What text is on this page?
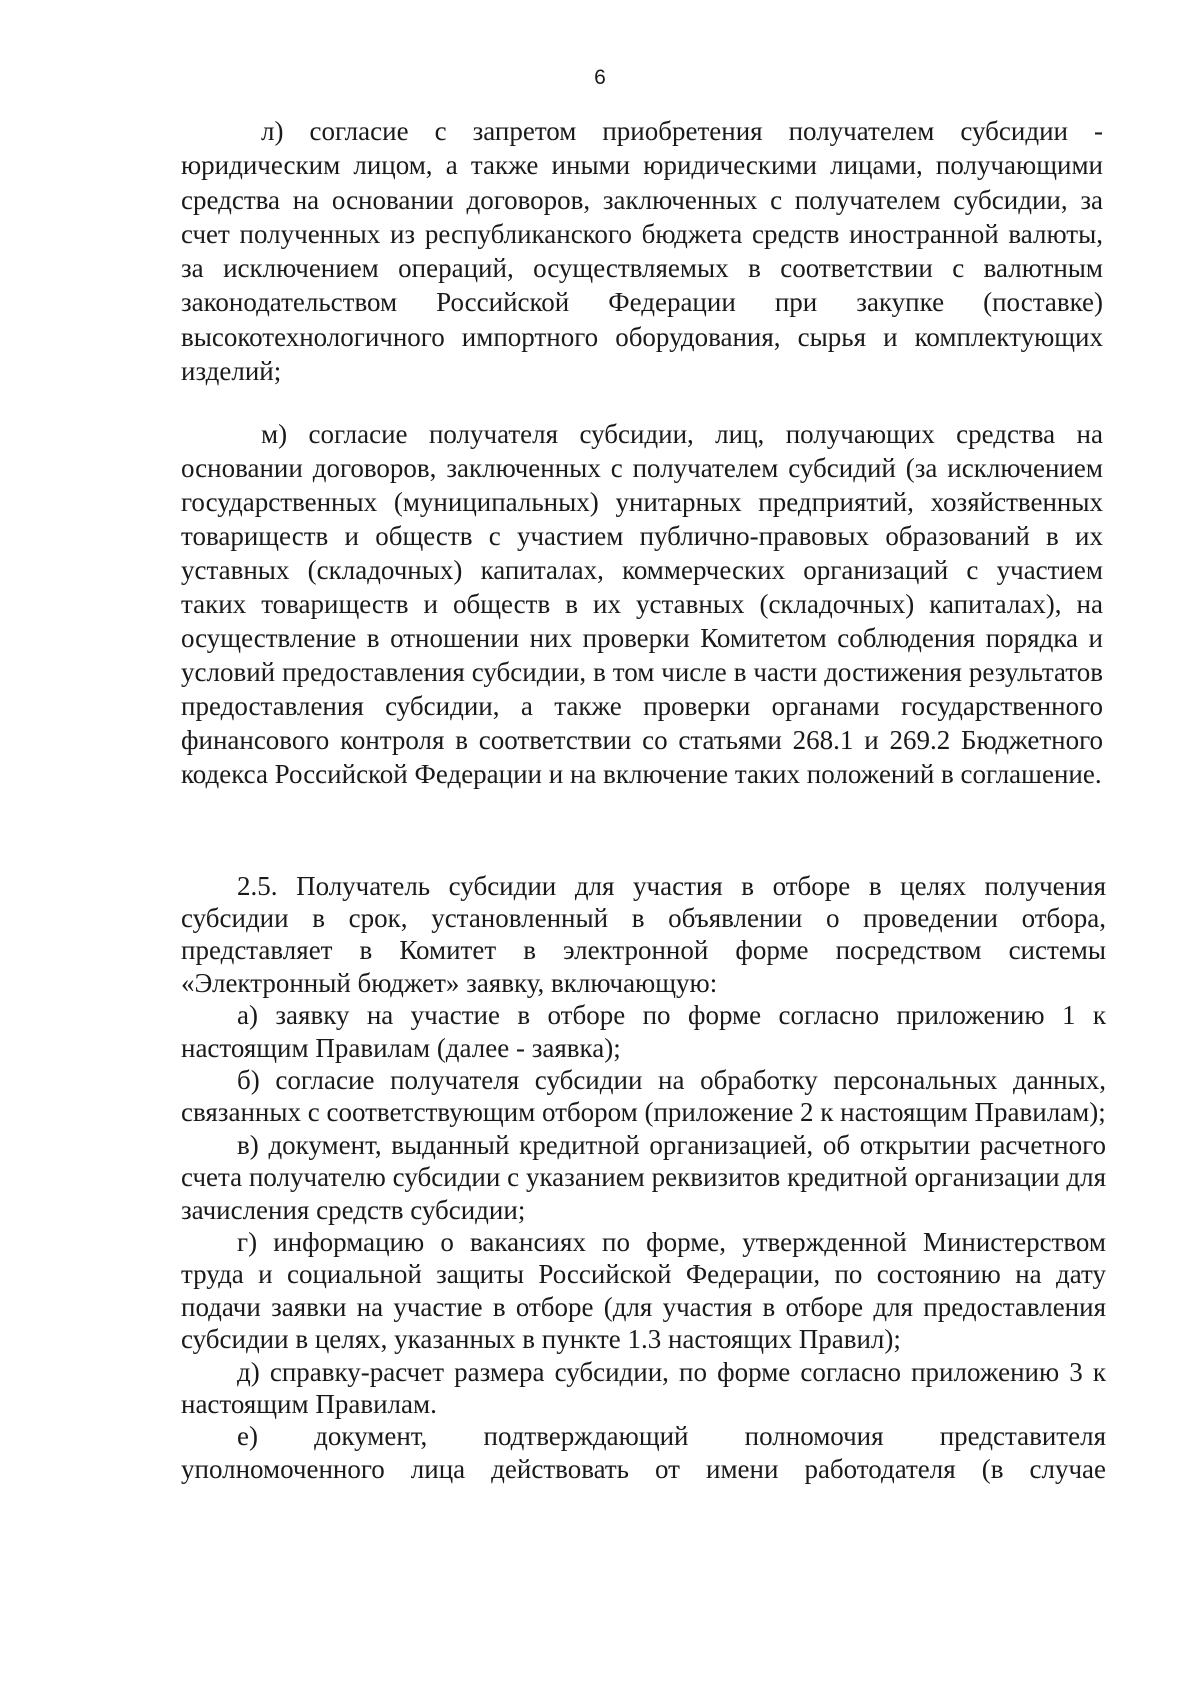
6

л) согласие с запретом приобретения получателем субсидии - юридическим лицом, а также иными юридическими лицами, получающими средства на основании договоров, заключенных с получателем субсидии, за счет полученных из республиканского бюджета средств иностранной валюты, за исключением операций, осуществляемых в соответствии с валютным законодательством Российской Федерации при закупке (поставке) высокотехнологичного импортного оборудования, сырья и комплектующих изделий;

м) согласие получателя субсидии, лиц, получающих средства на основании договоров, заключенных с получателем субсидий (за исключением государственных (муниципальных) унитарных предприятий, хозяйственных товариществ и обществ с участием публично-правовых образований в их уставных (складочных) капиталах, коммерческих организаций с участием таких товариществ и обществ в их уставных (складочных) капиталах), на осуществление в отношении них проверки Комитетом соблюдения порядка и условий предоставления субсидии, в том числе в части достижения результатов предоставления субсидии, а также проверки органами государственного финансового контроля в соответствии со статьями 268.1 и 269.2 Бюджетного кодекса Российской Федерации и на включение таких положений в соглашение.

2.5. Получатель субсидии для участия в отборе в целях получения субсидии в срок, установленный в объявлении о проведении отбора, представляет в Комитет в электронной форме посредством системы «Электронный бюджет» заявку, включающую:

а) заявку на участие в отборе по форме согласно приложению 1 к настоящим Правилам (далее - заявка);

б) согласие получателя субсидии на обработку персональных данных, связанных с соответствующим отбором (приложение 2 к настоящим Правилам);

в) документ, выданный кредитной организацией, об открытии расчетного счета получателю субсидии с указанием реквизитов кредитной организации для зачисления средств субсидии;

г) информацию о вакансиях по форме, утвержденной Министерством труда и социальной защиты Российской Федерации, по состоянию на дату подачи заявки на участие в отборе (для участия в отборе для предоставления субсидии в целях, указанных в пункте 1.3 настоящих Правил);

д) справку-расчет размера субсидии, по форме согласно приложению 3 к настоящим Правилам.

е) документ, подтверждающий полномочия представителя уполномоченного лица действовать от имени работодателя (в случае
